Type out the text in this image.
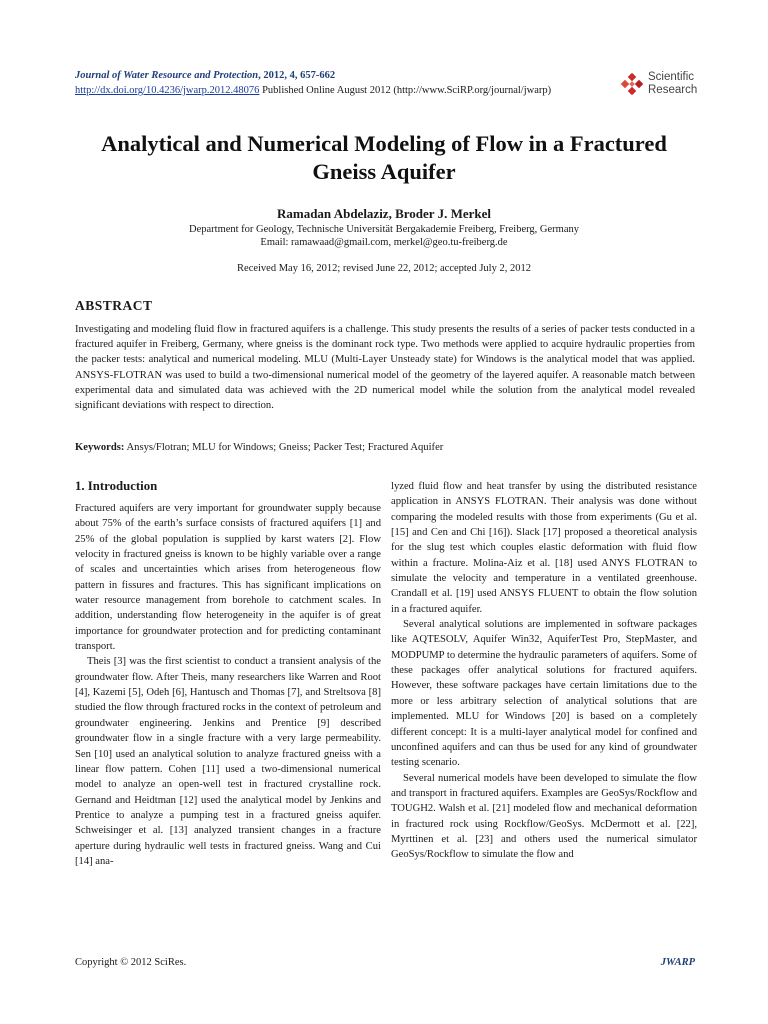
Journal of Water Resource and Protection, 2012, 4, 657-662
http://dx.doi.org/10.4236/jwarp.2012.48076 Published Online August 2012 (http://www.SciRP.org/journal/jwarp)
Scientific
Research
Analytical and Numerical Modeling of Flow in a Fractured Gneiss Aquifer
Ramadan Abdelaziz, Broder J. Merkel
Department for Geology, Technische Universität Bergakademie Freiberg, Freiberg, Germany
Email: ramawaad@gmail.com, merkel@geo.tu-freiberg.de
Received May 16, 2012; revised June 22, 2012; accepted July 2, 2012
ABSTRACT

Investigating and modeling fluid flow in fractured aquifers is a challenge. This study presents the results of a series of packer tests conducted in a fractured aquifer in Freiberg, Germany, where gneiss is the dominant rock type. Two methods were applied to acquire hydraulic properties from the packer tests: analytical and numerical modeling. MLU (Multi-Layer Unsteady state) for Windows is the analytical model that was applied. ANSYS-FLOTRAN was used to build a two-dimensional numerical model of the geometry of the layered aquifer. A reasonable match between experimental data and simulated data was achieved with the 2D numerical model while the solution from the analytical model revealed significant deviations with respect to direction.

Keywords: Ansys/Flotran; MLU for Windows; Gneiss; Packer Test; Fractured Aquifer
1. Introduction

Fractured aquifers are very important for groundwater supply because about 75% of the earth’s surface consists of fractured aquifers [1] and 25% of the global population is supplied by karst waters [2]. Flow velocity in fractured gneiss is known to be highly variable over a range of scales and uncertainties which arises from heterogeneous flow pattern in fissures and fractures. This has significant implications on water resource management from borehole to catchment scales. In addition, understanding flow heterogeneity in the aquifer is of great importance for groundwater protection and for predicting contaminant transport.

Theis [3] was the first scientist to conduct a transient analysis of the groundwater flow. After Theis, many researchers like Warren and Root [4], Kazemi [5], Odeh [6], Hantusch and Thomas [7], and Streltsova [8] studied the flow through fractured rocks in the context of petroleum and groundwater engineering. Jenkins and Prentice [9] described groundwater flow in a single fracture with a very large permeability. Sen [10] used an analytical solution to analyze fractured gneiss with a linear flow pattern. Cohen [11] used a two-dimensional numerical model to analyze an open-well test in fractured crystalline rock. Gernand and Heidtman [12] used the analytical model by Jenkins and Prentice to analyze a pumping test in a fractured gneiss aquifer. Schweisinger et al. [13] analyzed transient changes in a fracture aperture during hydraulic well tests in fractured gneiss. Wang and Cui [14] ana-

lyzed fluid flow and heat transfer by using the distributed resistance application in ANSYS FLOTRAN. Their analysis was done without comparing the modeled results with those from experiments (Gu et al. [15] and Cen and Chi [16]). Slack [17] proposed a theoretical analysis for the slug test which couples elastic deformation with fluid flow within a fracture. Molina-Aiz et al. [18] used ANYS FLOTRAN to simulate the velocity and temperature in a ventilated greenhouse. Crandall et al. [19] used ANSYS FLUENT to obtain the flow solution in a fractured aquifer.

Several analytical solutions are implemented in software packages like AQTESOLV, Aquifer Win32, AquiferTest Pro, StepMaster, and MODPUMP to determine the hydraulic parameters of aquifers. Some of these packages offer analytical solutions for fractured aquifers. However, these software packages have certain limitations due to the more or less arbitrary selection of analytical solutions that are implemented. MLU for Windows [20] is based on a completely different concept: It is a multi-layer analytical model for confined and unconfined aquifers and can thus be used for any kind of groundwater testing scenario.

Several numerical models have been developed to simulate the flow and transport in fractured aquifers. Examples are GeoSys/Rockflow and TOUGH2. Walsh et al. [21] modeled flow and mechanical deformation in fractured rock using Rockflow/GeoSys. McDermott et al. [22], Myrttinen et al. [23] and others used the numerical simulator GeoSys/Rockflow to simulate the flow and

Copyright © 2012 SciRes.	JWARP
